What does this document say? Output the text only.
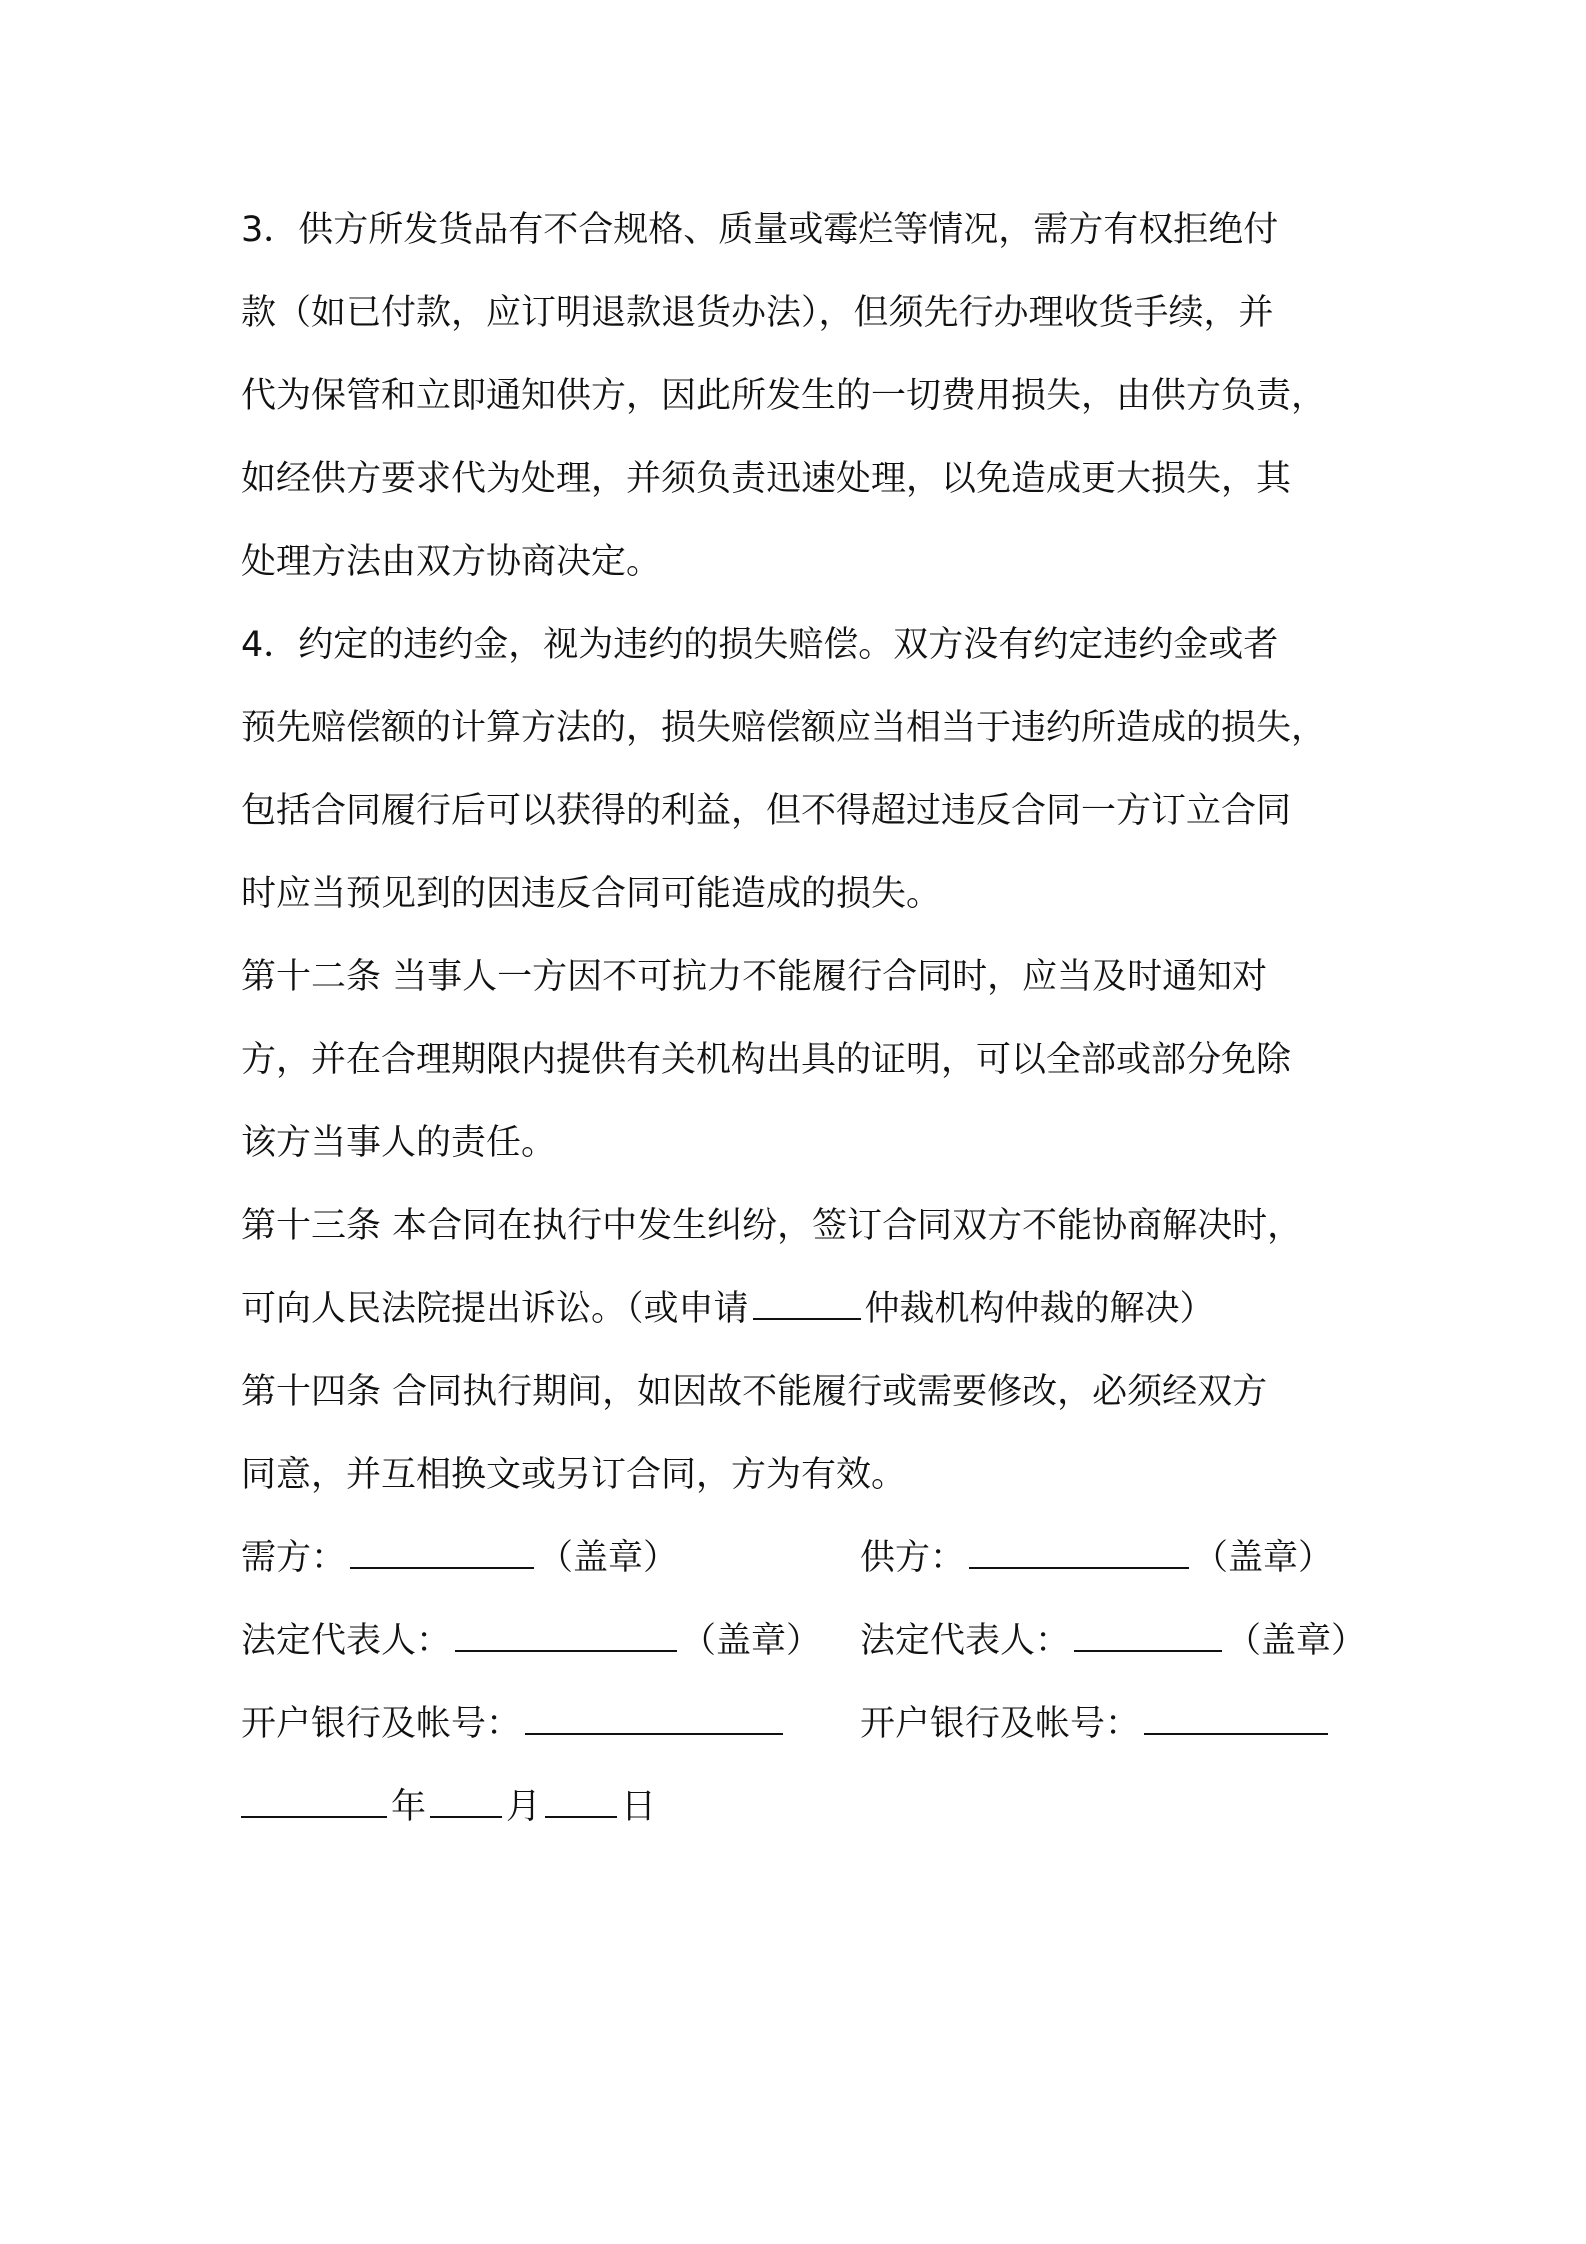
3．供方所发货品有不合规格、质量或霉烂等情况，需方有权拒绝付
款（如已付款，应订明退款退货办法），但须先行办理收货手续，并
代为保管和立即通知供方，因此所发生的一切费用损失，由供方负责，
如经供方要求代为处理，并须负责迅速处理，以免造成更大损失，其
处理方法由双方协商决定。
4．约定的违约金，视为违约的损失赔偿。双方没有约定违约金或者
预先赔偿额的计算方法的，损失赔偿额应当相当于违约所造成的损失，
包括合同履行后可以获得的利益，但不得超过违反合同一方订立合同
时应当预见到的因违反合同可能造成的损失。
第十二条 当事人一方因不可抗力不能履行合同时，应当及时通知对
方，并在合理期限内提供有关机构出具的证明，可以全部或部分免除
该方当事人的责任。
第十三条 本合同在执行中发生纠纷，签订合同双方不能协商解决时，
可向人民法院提出诉讼。（或申请	仲裁机构仲裁的解决）
第十四条 合同执行期间，如因故不能履行或需要修改，必须经双方
同意，并互相换文或另订合同，方为有效。
需方：	（盖章）	供方：	（盖章）
法定代表人：	（盖章） 法定代表人：	（盖章）
开户银行及帐号：	开户银行及帐号：
年 月 日
